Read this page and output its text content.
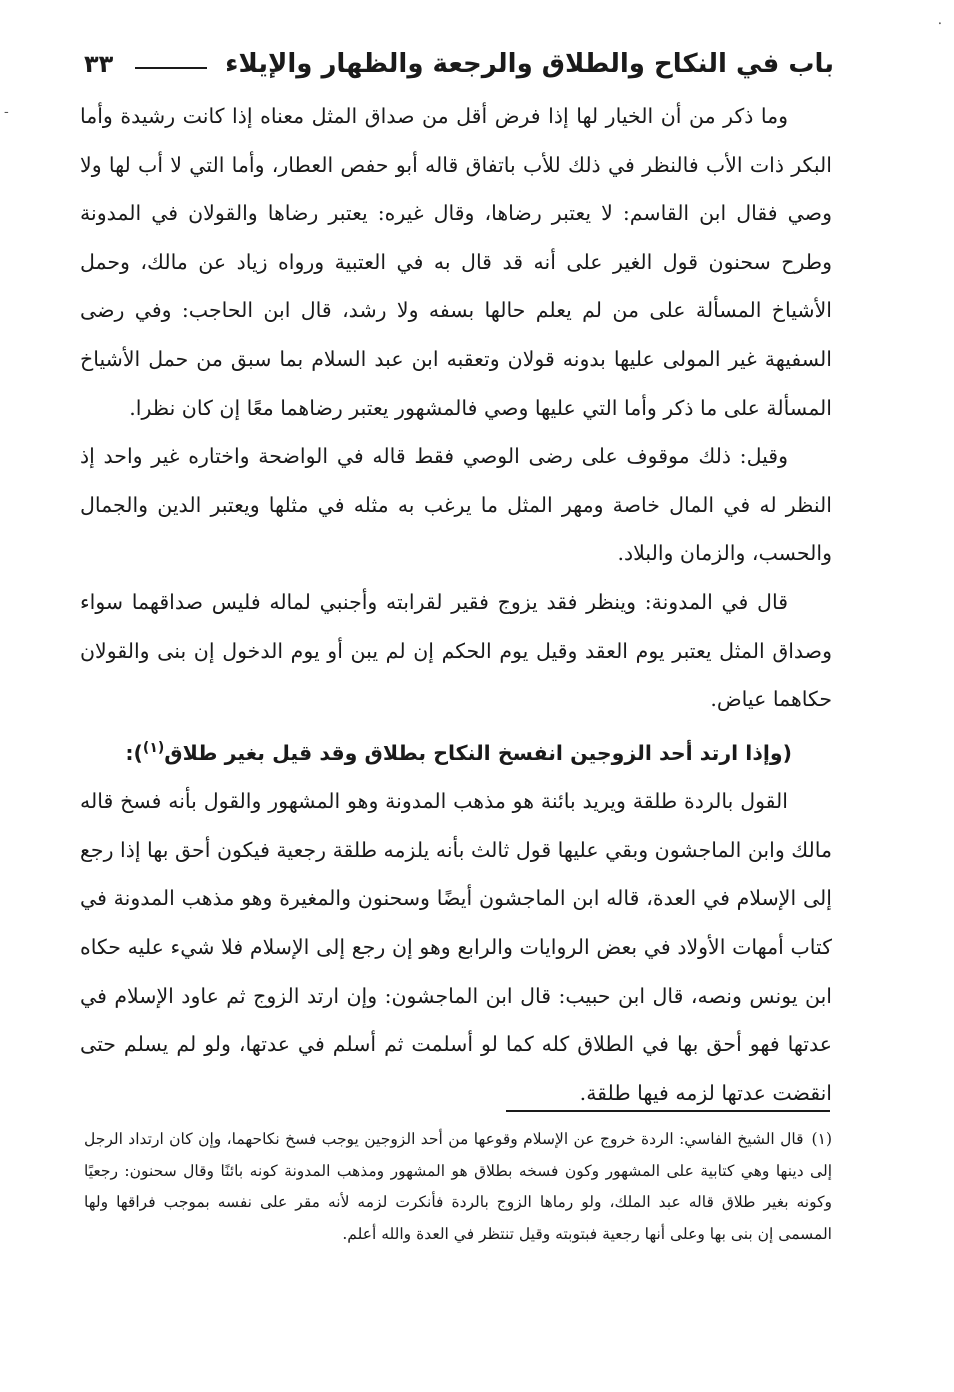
باب في النكاح والطلاق والرجعة والظهار والإيلاء
٣٣

وما ذكر من أن الخيار لها إذا فرض أقل من صداق المثل معناه إذا كانت رشيدة وأما البكر ذات الأب فالنظر في ذلك للأب باتفاق قاله أبو حفص العطار، وأما التي لا أب لها ولا وصي فقال ابن القاسم: لا يعتبر رضاها، وقال غيره: يعتبر رضاها والقولان في المدونة وطرح سحنون قول الغير على أنه قد قال به في العتبية ورواه زياد عن مالك، وحمل الأشياخ المسألة على من لم يعلم حالها بسفه ولا رشد، قال ابن الحاجب: وفي رضى السفيهة غير المولى عليها بدونه قولان وتعقبه ابن عبد السلام بما سبق من حمل الأشياخ المسألة على ما ذكر وأما التي عليها وصي فالمشهور يعتبر رضاهما معًا إن كان نظرا.

وقيل: ذلك موقوف على رضى الوصي فقط قاله في الواضحة واختاره غير واحد إذ النظر له في المال خاصة ومهر المثل ما يرغب به مثله في مثلها ويعتبر الدين والجمال والحسب، والزمان والبلاد.

قال في المدونة: وينظر فقد يزوج فقير لقرابته وأجنبي لماله فليس صداقهما سواء وصداق المثل يعتبر يوم العقد وقيل يوم الحكم إن لم يبن أو يوم الدخول إن بنى والقولان حكاهما عياض.

(وإذا ارتد أحد الزوجين انفسخ النكاح بطلاق وقد قيل بغير طلاق$^{(١)}$):

القول بالردة طلقة ويريد بائنة هو مذهب المدونة وهو المشهور والقول بأنه فسخ قاله مالك وابن الماجشون وبقي عليها قول ثالث بأنه يلزمه طلقة رجعية فيكون أحق بها إذا رجع إلى الإسلام في العدة، قاله ابن الماجشون أيضًا وسحنون والمغيرة وهو مذهب المدونة في كتاب أمهات الأولاد في بعض الروايات والرابع وهو إن رجع إلى الإسلام فلا شيء عليه حكاه ابن يونس ونصه، قال ابن حبيب: قال ابن الماجشون: وإن ارتد الزوج ثم عاود الإسلام في عدتها فهو أحق بها في الطلاق كله كما لو أسلمت ثم أسلم في عدتها، ولو لم يسلم حتى انقضت عدتها لزمه فيها طلقة.

(١)قال الشيخ الفاسي: الردة خروج عن الإسلام وقوعها من أحد الزوجين يوجب فسخ نكاحهما، وإن كان ارتداد الرجل إلى دينها وهي كتابية على المشهور وكون فسخه بطلاق هو المشهور ومذهب المدونة كونه بائنًا وقال سحنون: رجعيًا وكونه بغير طلاق قاله عبد الملك، ولو رماها الزوج بالردة فأنكرت لزمه لأنه مقر على نفسه بموجب فراقها ولها المسمى إن بنى بها وعلى أنها رجعية فبتوبته وقيل تنتظر في العدة والله أعلم.

⸱
-
